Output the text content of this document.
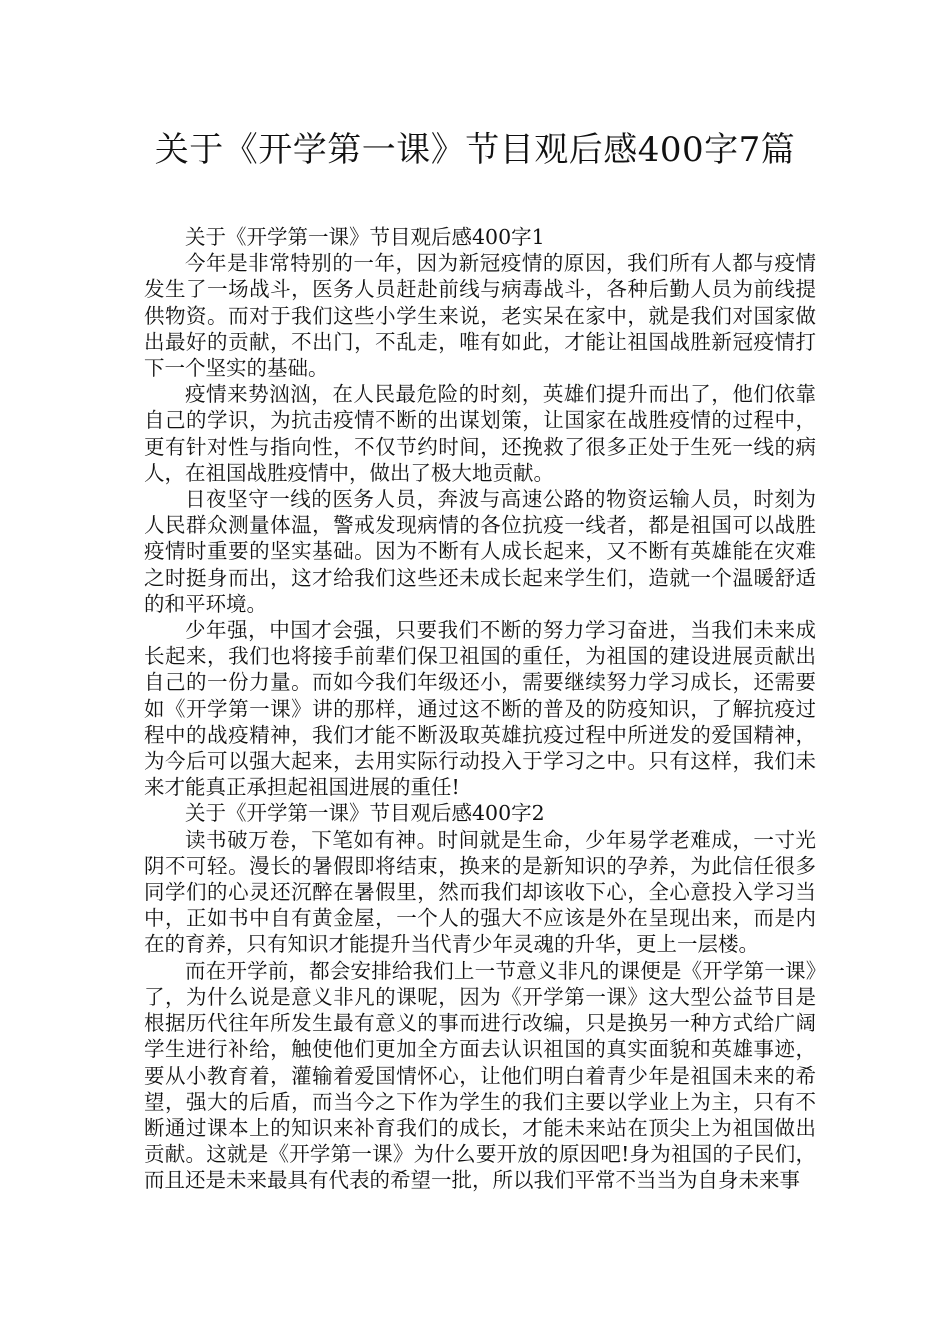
关于《开学第一课》节目观后感400字7篇

关于《开学第一课》节目观后感400字1

今年是非常特别的一年，因为新冠疫情的原因，我们所有人都与疫情发生了一场战斗，医务人员赶赴前线与病毒战斗，各种后勤人员为前线提供物资。而对于我们这些小学生来说，老实呆在家中，就是我们对国家做出最好的贡献，不出门，不乱走，唯有如此，才能让祖国战胜新冠疫情打下一个坚实的基础。

疫情来势汹汹，在人民最危险的时刻，英雄们提升而出了，他们依靠自己的学识，为抗击疫情不断的出谋划策，让国家在战胜疫情的过程中，更有针对性与指向性，不仅节约时间，还挽救了很多正处于生死一线的病人，在祖国战胜疫情中，做出了极大地贡献。

日夜坚守一线的医务人员，奔波与高速公路的物资运输人员，时刻为人民群众测量体温，警戒发现病情的各位抗疫一线者，都是祖国可以战胜疫情时重要的坚实基础。因为不断有人成长起来，又不断有英雄能在灾难之时挺身而出，这才给我们这些还未成长起来学生们，造就一个温暖舒适的和平环境。

少年强，中国才会强，只要我们不断的努力学习奋进，当我们未来成长起来，我们也将接手前辈们保卫祖国的重任，为祖国的建设进展贡献出自己的一份力量。而如今我们年级还小，需要继续努力学习成长，还需要如《开学第一课》讲的那样，通过这不断的普及的防疫知识，了解抗疫过程中的战疫精神，我们才能不断汲取英雄抗疫过程中所迸发的爱国精神，为今后可以强大起来，去用实际行动投入于学习之中。只有这样，我们未来才能真正承担起祖国进展的重任!

关于《开学第一课》节目观后感400字2

读书破万卷，下笔如有神。时间就是生命，少年易学老难成，一寸光阴不可轻。漫长的暑假即将结束，换来的是新知识的孕养，为此信任很多同学们的心灵还沉醉在暑假里，然而我们却该收下心，全心意投入学习当中，正如书中自有黄金屋，一个人的强大不应该是外在呈现出来，而是内在的育养，只有知识才能提升当代青少年灵魂的升华，更上一层楼。

而在开学前，都会安排给我们上一节意义非凡的课便是《开学第一课》了，为什么说是意义非凡的课呢，因为《开学第一课》这大型公益节目是根据历代往年所发生最有意义的事而进行改编，只是换另一种方式给广阔学生进行补给，触使他们更加全方面去认识祖国的真实面貌和英雄事迹，要从小教育着，灌输着爱国情怀心，让他们明白着青少年是祖国未来的希望，强大的后盾，而当今之下作为学生的我们主要以学业上为主，只有不断通过课本上的知识来补育我们的成长，才能未来站在顶尖上为祖国做出贡献。这就是《开学第一课》为什么要开放的原因吧!身为祖国的子民们，而且还是未来最具有代表的希望一批，所以我们平常不当当为自身未来事
